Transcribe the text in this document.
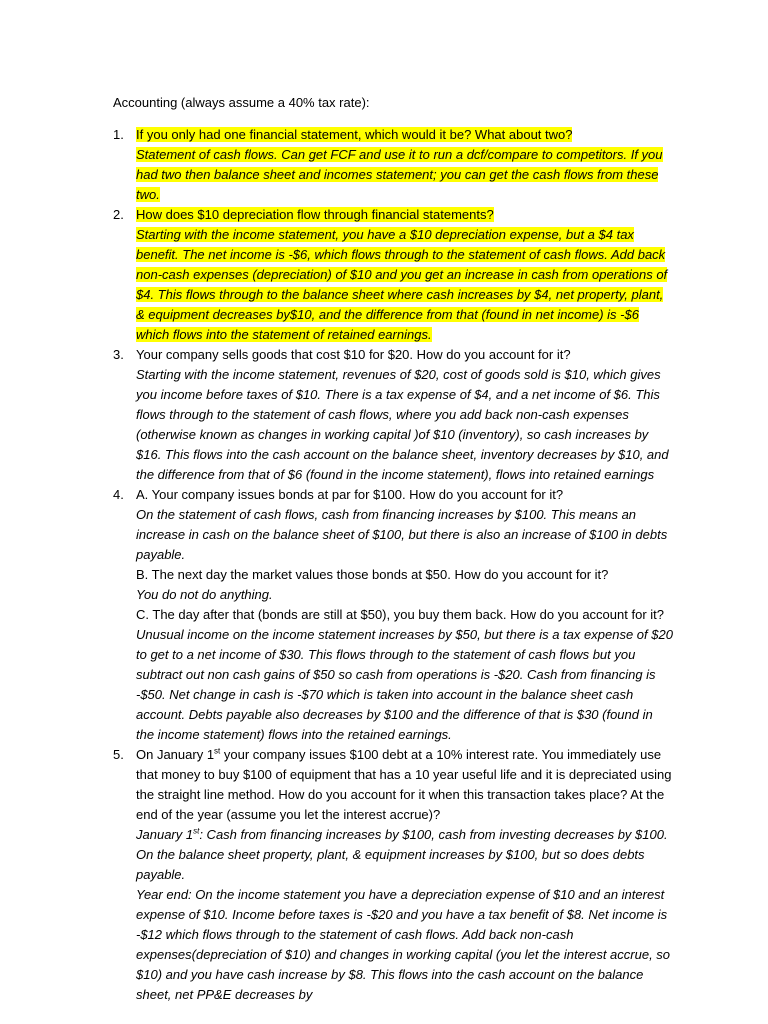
Accounting (always assume a 40% tax rate):
1. If you only had one financial statement, which would it be? What about two?
Statement of cash flows. Can get FCF and use it to run a dcf/compare to competitors. If you had two then balance sheet and incomes statement; you can get the cash flows from these two.
2. How does $10 depreciation flow through financial statements?
Starting with the income statement, you have a $10 depreciation expense, but a $4 tax benefit. The net income is -$6, which flows through to the statement of cash flows. Add back non-cash expenses (depreciation) of $10 and you get an increase in cash from operations of $4. This flows through to the balance sheet where cash increases by $4, net property, plant, & equipment decreases by$10, and the difference from that (found in net income) is -$6 which flows into the statement of retained earnings.
3. Your company sells goods that cost $10 for $20. How do you account for it?
Starting with the income statement, revenues of $20, cost of goods sold is $10, which gives you income before taxes of $10. There is a tax expense of $4, and a net income of $6. This flows through to the statement of cash flows, where you add back non-cash expenses (otherwise known as changes in working capital )of $10 (inventory), so cash increases by $16. This flows into the cash account on the balance sheet, inventory decreases by $10, and the difference from that of $6 (found in the income statement), flows into retained earnings
4. A. Your company issues bonds at par for $100. How do you account for it?
On the statement of cash flows, cash from financing increases by $100. This means an increase in cash on the balance sheet of $100, but there is also an increase of $100 in debts payable.
B. The next day the market values those bonds at $50. How do you account for it?
You do not do anything.
C. The day after that (bonds are still at $50), you buy them back. How do you account for it?
Unusual income on the income statement increases by $50, but there is a tax expense of $20 to get to a net income of $30. This flows through to the statement of cash flows but you subtract out non cash gains of $50 so cash from operations is -$20. Cash from financing is -$50. Net change in cash is -$70 which is taken into account in the balance sheet cash account. Debts payable also decreases by $100 and the difference of that is $30 (found in the income statement) flows into the retained earnings.
5. On January 1st your company issues $100 debt at a 10% interest rate. You immediately use that money to buy $100 of equipment that has a 10 year useful life and it is depreciated using the straight line method. How do you account for it when this transaction takes place? At the end of the year (assume you let the interest accrue)?
January 1st: Cash from financing increases by $100, cash from investing decreases by $100. On the balance sheet property, plant, & equipment increases by $100, but so does debts payable.
Year end: On the income statement you have a depreciation expense of $10 and an interest expense of $10. Income before taxes is -$20 and you have a tax benefit of $8. Net income is -$12 which flows through to the statement of cash flows. Add back non-cash expenses(depreciation of $10) and changes in working capital (you let the interest accrue, so $10) and you have cash increase by $8. This flows into the cash account on the balance sheet, net PP&E decreases by
